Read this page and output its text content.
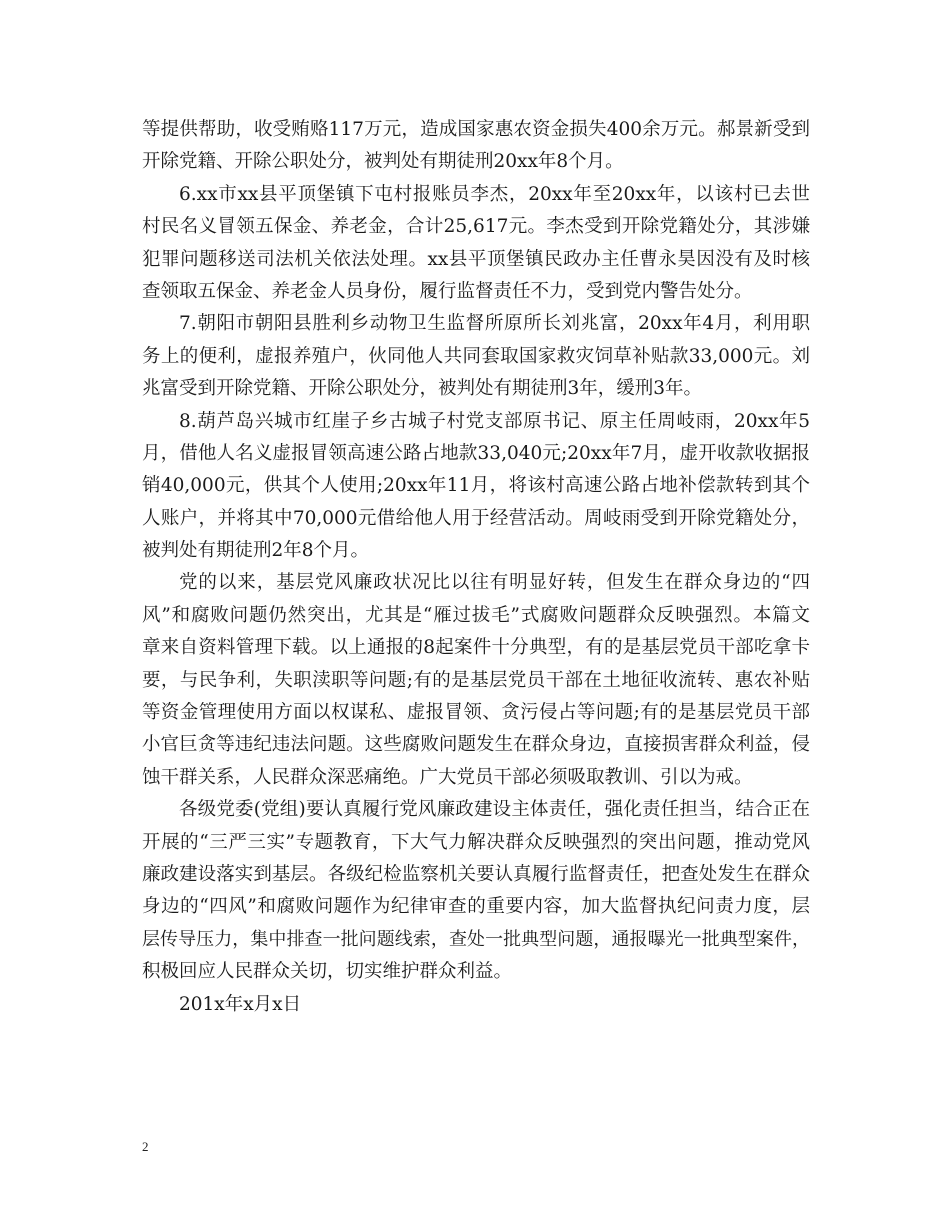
等提供帮助，收受贿赂117万元，造成国家惠农资金损失400余万元。郝景新受到
开除党籍、开除公职处分，被判处有期徒刑20xx年8个月。
6.xx市xx县平顶堡镇下屯村报账员李杰，20xx年至20xx年，以该村已去世
村民名义冒领五保金、养老金，合计25,617元。李杰受到开除党籍处分，其涉嫌
犯罪问题移送司法机关依法处理。xx县平顶堡镇民政办主任曹永昊因没有及时核
查领取五保金、养老金人员身份，履行监督责任不力，受到党内警告处分。
7.朝阳市朝阳县胜利乡动物卫生监督所原所长刘兆富，20xx年4月，利用职
务上的便利，虚报养殖户，伙同他人共同套取国家救灾饲草补贴款33,000元。刘
兆富受到开除党籍、开除公职处分，被判处有期徒刑3年，缓刑3年。
8.葫芦岛兴城市红崖子乡古城子村党支部原书记、原主任周岐雨，20xx年5
月，借他人名义虚报冒领高速公路占地款33,040元;20xx年7月，虚开收款收据报
销40,000元，供其个人使用;20xx年11月，将该村高速公路占地补偿款转到其个
人账户，并将其中70,000元借给他人用于经营活动。周岐雨受到开除党籍处分，
被判处有期徒刑2年8个月。
党的以来，基层党风廉政状况比以往有明显好转，但发生在群众身边的“四
风”和腐败问题仍然突出，尤其是“雁过拔毛”式腐败问题群众反映强烈。本篇文
章来自资料管理下载。以上通报的8起案件十分典型，有的是基层党员干部吃拿卡
要，与民争利，失职渎职等问题;有的是基层党员干部在土地征收流转、惠农补贴
等资金管理使用方面以权谋私、虚报冒领、贪污侵占等问题;有的是基层党员干部
小官巨贪等违纪违法问题。这些腐败问题发生在群众身边，直接损害群众利益，侵
蚀干群关系，人民群众深恶痛绝。广大党员干部必须吸取教训、引以为戒。
各级党委(党组)要认真履行党风廉政建设主体责任，强化责任担当，结合正在
开展的“三严三实”专题教育，下大气力解决群众反映强烈的突出问题，推动党风
廉政建设落实到基层。各级纪检监察机关要认真履行监督责任，把查处发生在群众
身边的“四风”和腐败问题作为纪律审查的重要内容，加大监督执纪问责力度，层
层传导压力，集中排查一批问题线索，查处一批典型问题，通报曝光一批典型案件，
积极回应人民群众关切，切实维护群众利益。
201x年x月x日
2
